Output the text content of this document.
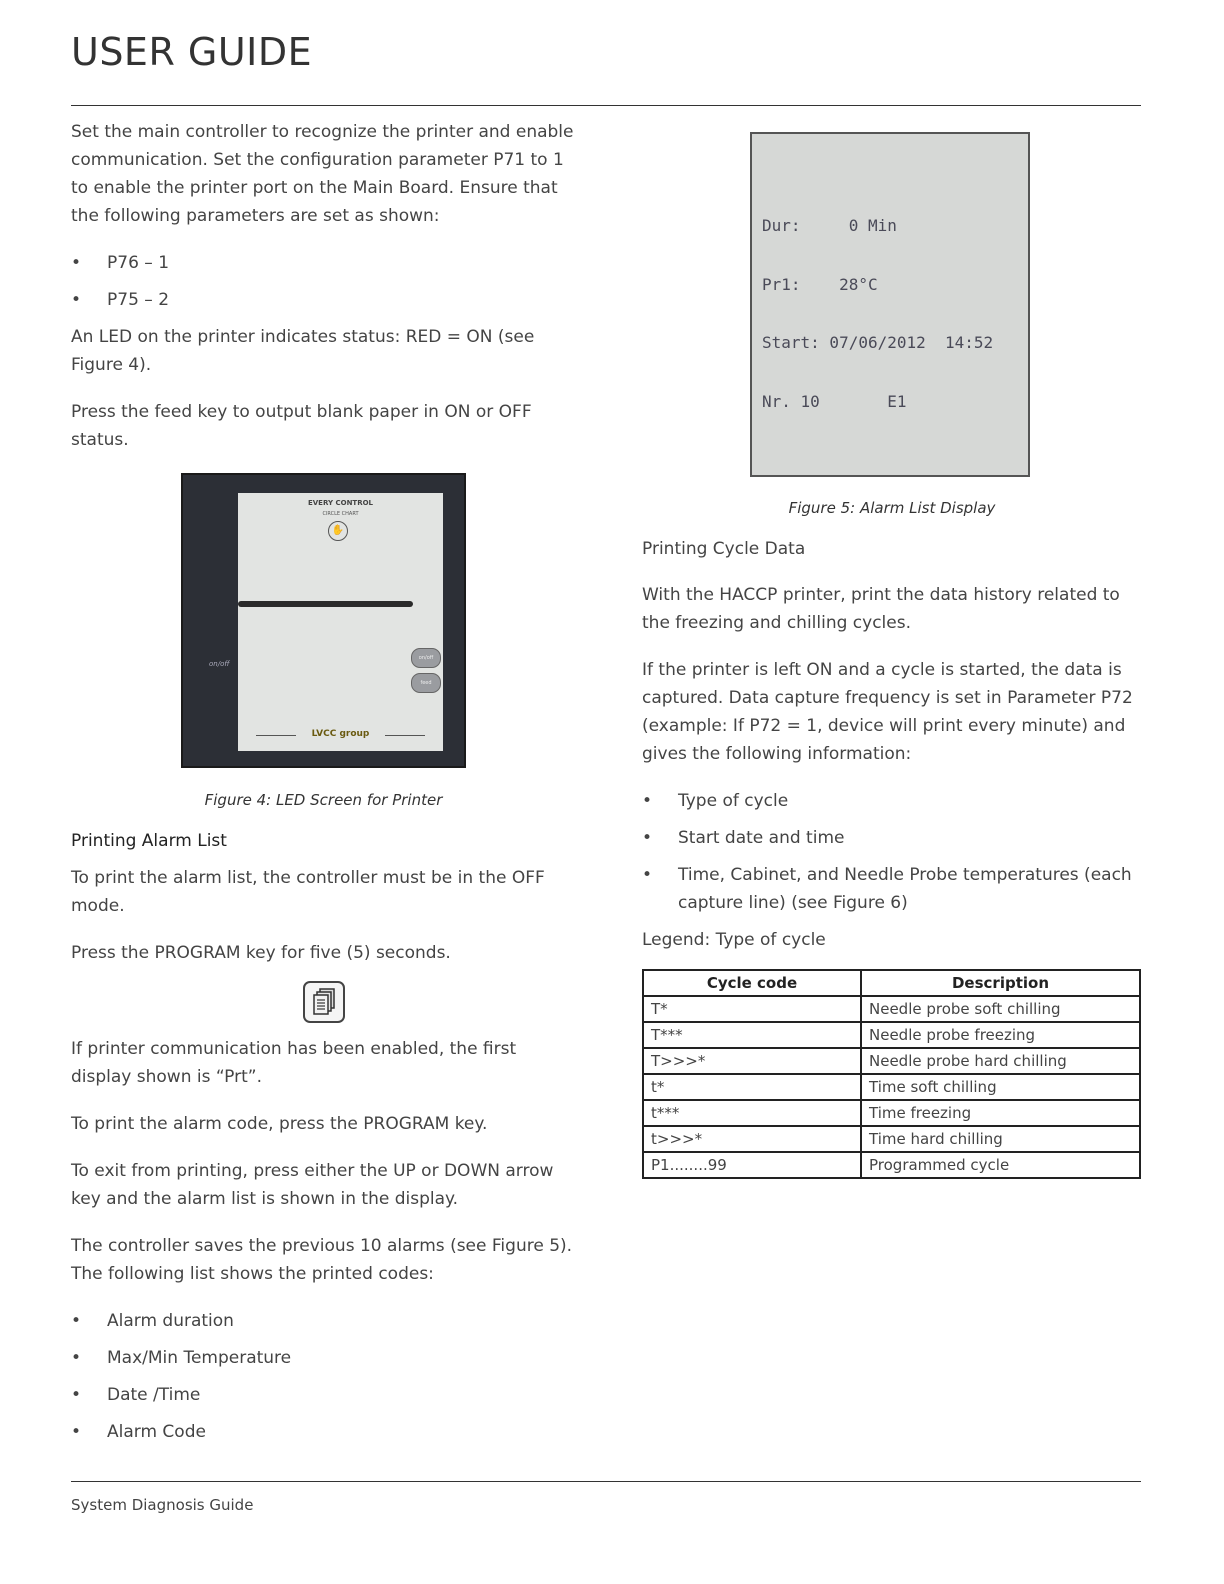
USER GUIDE

Set the main controller to recognize the printer and enable communication. Set the configuration parameter P71 to 1 to enable the printer port on the Main Board. Ensure that the following parameters are set as shown:

• P76 – 1
• P75 – 2

An LED on the printer indicates status: RED = ON (see Figure 4).

Press the feed key to output blank paper in ON or OFF status.

EVERY CONTROL
CIRCLE CHART
✋
on/off
feed
LVCC group
on/off
Figure 4: LED Screen for Printer
Printing Alarm List

To print the alarm list, the controller must be in the OFF mode.

Press the PROGRAM key for five (5) seconds.

If printer communication has been enabled, the first display shown is “Prt”.

To print the alarm code, press the PROGRAM key.

To exit from printing, press either the UP or DOWN arrow key and the alarm list is shown in the display.

The controller saves the previous 10 alarms (see Figure 5). The following list shows the printed codes:

• Alarm duration
• Max/Min Temperature
• Date /Time
• Alarm Code

Dur:     0 Min

Pr1:    28°C

Start: 07/06/2012  14:52

Nr. 10       E1

Figure 5: Alarm List Display

Printing Cycle Data

With the HACCP printer, print the data history related to the freezing and chilling cycles.

If the printer is left ON and a cycle is started, the data is captured. Data capture frequency is set in Parameter P72 (example: If P72 = 1, device will print every minute) and gives the following information:

• Type of cycle
• Start date and time
• Time, Cabinet, and Needle Probe temperatures (each capture line) (see Figure 6)

Legend: Type of cycle

Cycle code	Description
T*	Needle probe soft chilling
T***	Needle probe freezing
T>>>*	Needle probe hard chilling
t*	Time soft chilling
t***	Time freezing
t>>>*	Time hard chilling
P1........99	Programmed cycle
System Diagnosis Guide
